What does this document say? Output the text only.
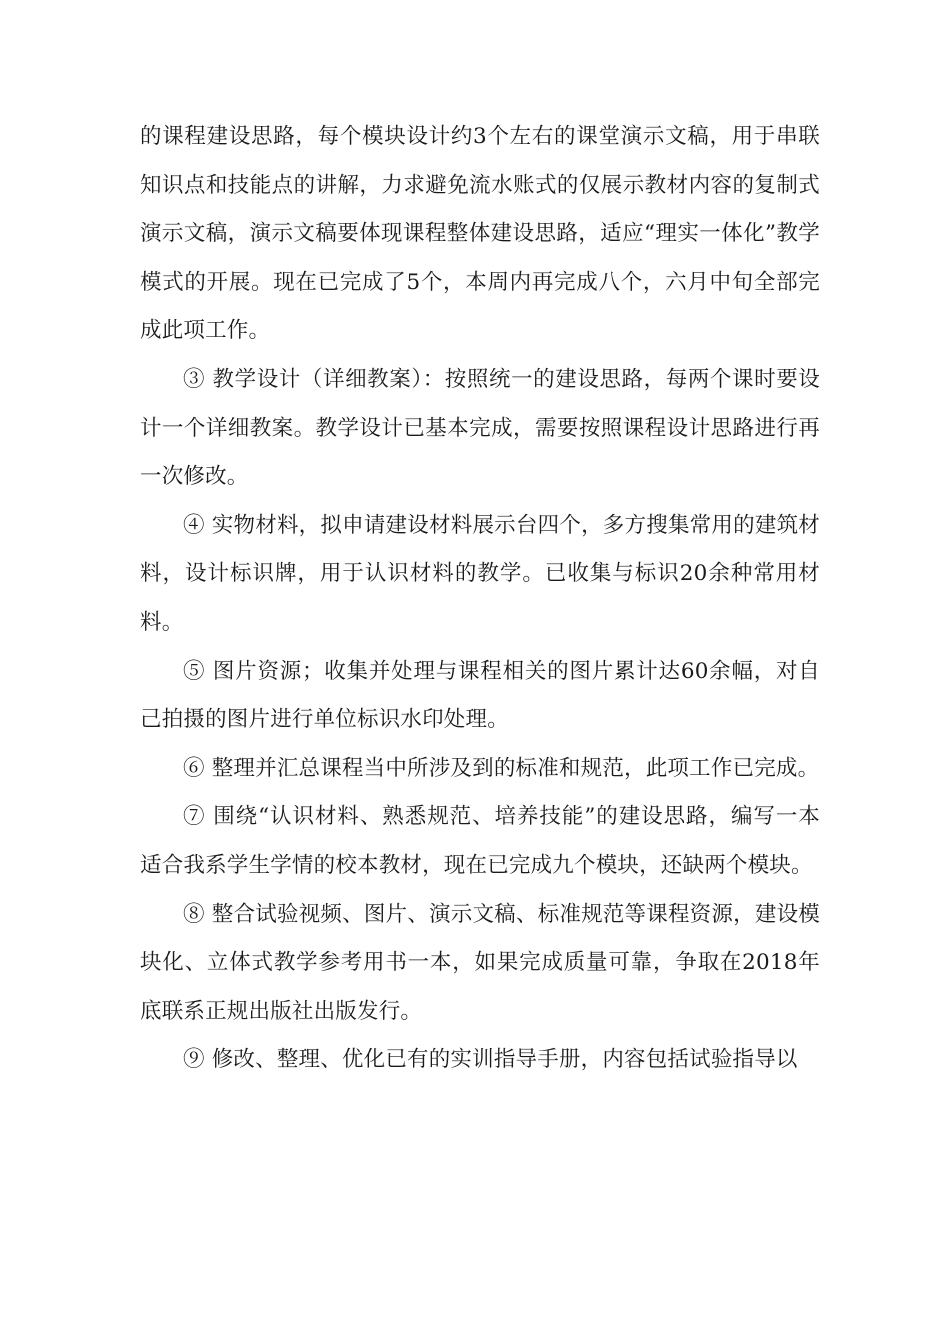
的课程建设思路，每个模块设计约3个左右的课堂演示文稿，用于串联知识点和技能点的讲解，力求避免流水账式的仅展示教材内容的复制式演示文稿，演示文稿要体现课程整体建设思路，适应“理实一体化”教学模式的开展。现在已完成了5个，本周内再完成八个，六月中旬全部完成此项工作。

③ 教学设计（详细教案）：按照统一的建设思路，每两个课时要设计一个详细教案。教学设计已基本完成，需要按照课程设计思路进行再一次修改。

④ 实物材料，拟申请建设材料展示台四个，多方搜集常用的建筑材料，设计标识牌，用于认识材料的教学。已收集与标识20余种常用材料。

⑤ 图片资源；收集并处理与课程相关的图片累计达60余幅，对自己拍摄的图片进行单位标识水印处理。

⑥ 整理并汇总课程当中所涉及到的标准和规范，此项工作已完成。

⑦ 围绕“认识材料、熟悉规范、培养技能”的建设思路，编写一本适合我系学生学情的校本教材，现在已完成九个模块，还缺两个模块。

⑧ 整合试验视频、图片、演示文稿、标准规范等课程资源，建设模块化、立体式教学参考用书一本，如果完成质量可靠，争取在2018年底联系正规出版社出版发行。

⑨ 修改、整理、优化已有的实训指导手册，内容包括试验指导以
